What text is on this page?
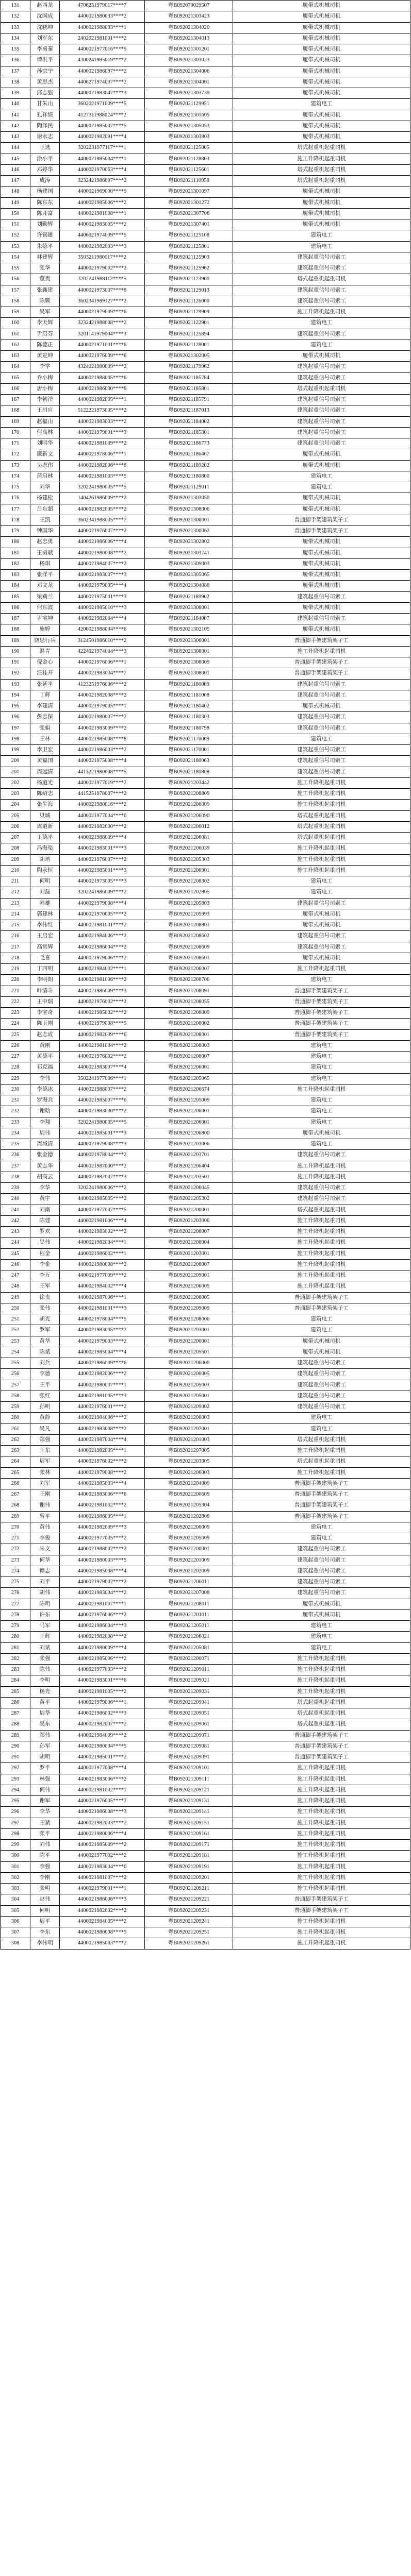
131	赵西龙	4706251979017****7	粤B092070029507	履带式机械司机
132	沈国成	4400021980033****2	粤B092021303423	履带式机械司机
133	沈鹏坤	4400021988093****1	粤B092021304020	履带式机械司机
134	刘军东	2402021981001****2	粤B092021304013	履带式机械司机
135	李勇秦	4400021977016****5	粤B092021301201	履带式机械司机
136	谭洪平	4300241985019****2	粤B092021303023	履带式机械司机
137	孙宗宁	4400021986097****2	粤B092021304006	履带式机械司机
138	黄思杰	4406271974007****2	粤B092021304001	履带式机械司机
139	邱志强	4400021983047****3	粤B092021303739	履带式机械司机
140	甘朱山	3602021971009****5	粤B092021129951	建筑电工
141	孔祥绩	4127311988024****2	粤B092021301605	履带式机械司机
142	陶泽民	4400021985007****5	粤B092021305053	履带式机械司机
143	谢水志	4400021982091****4	粤B092021303803	履带式机械司机
144	王选	3202231977117****1	粤B092021125005	塔式起重机起重司机
145	涂小平	4400021985004****1	粤B092021128803	施工升降机起重司机
146	邓婷华	4400021970063****4	粤B092021125601	塔式起重机起重司机
147	成涛	3232421986097****2	粤B092021110958	塔式起重机起重司机
148	杨建国	4400021969000****9	粤B092021301097	履带式机械司机
149	陈东东	4400021985006****2	粤B092021301272	履带式机械司机
150	陈开富	4400021981008****1	粤B092021307706	履带式机械司机
151	刘勤辉	4400021983005****2	粤B092021307401	履带式机械司机
152	许锡雄	4406021974009****5	粤B092021125108	建筑电工
153	朱德平	4400021982003****3	粤B092021125801	建筑电工
154	林建辉	3503211980017****2	粤B092021125903	建筑起重信号司索工
155	张华	4400021979002****2	粤B092021125962	建筑起重信号司索工
156	董贵	3202241988112****5	粤B092021123900	塔式起重机起重司机
157	张鑫建	4400021973007****8	粤B092021129013	建筑起重信号司索工
158	陈颗	3602341989127****2	粤B092021126000	建筑起重信号司索工
159	吴军	4400021979009****6	粤B092021129909	施工升降机起重司机
160	李天辉	3232421988008****2	粤B092021122901	建筑电工
161	尹启芬	3201141979004****3	粤B092021125894	建筑起重信号司索工
162	陈德正	4400021971001****6	粤B092021128001	建筑电工
163	黄定坤	4400021976009****6	粤B092021302005	履带式机械司机
164	李学	4324021980009****2	粤B092021179962	建筑起重信号司索工
165	乔小梅	4400021988005****6	粤B092021185784	建筑起重信号司索工
166	唐小梅	4400021986000****8	粤B092021185801	塔式起重机起重司机
167	李朝洋	4400021982005****1	粤B092021185791	建筑起重信号司索工
168	王川应	5122221973005****2	粤B092021187013	建筑起重信号司索工
169	赵福山	4400021983003****2	粤B092021184002	建筑起重信号司索工
170	何高林	4400021979001****3	粤B092021185301	建筑起重信号司索工
171	刘明华	4400021981009****2	粤B092021186773	建筑起重信号司索工
172	廉新文	4400021978006****1	粤B092021186467	履带式机械司机
173	吴志伟	4400021982006****6	粤B092021189202	履带式机械司机
174	蒲启林	4400021981003****5	粤B092021180800	建筑电工
175	刘华	3202241980005****5	粤B092021129011	建筑电工
176	杨建松	1404261986009****2	粤B092021303050	履带式机械司机
177	吕东超	4400021982005****2	粤B092021308006	履带式机械司机
178	王凯	3602341988005****7	粤B092021300001	普通脚手架建筑架子工
179	钟国华	4400021976007****2	粤B092021300062	普通脚手架建筑架子工
180	赵忠勇	4400021986006****4	粤B092021302802	履带式机械司机
181	王勇斌	4400021980008****2	粤B092021303741	履带式机械司机
182	杨琪	4400021984007****2	粤B092021309003	履带式机械司机
183	张洋平	4400021983007****3	粤B092021305065	履带式机械司机
184	邓文龙	4400021979005****4	粤B092021304088	履带式机械司机
185	梁莉兰	4400021975001****3	粤B092021189902	建筑起重信号司索工
186	何东波	4400021985010****3	粤B092021308001	履带式机械司机
187	尹宝坤	4400021982004****4	粤B092021184007	建筑起重信号司索工
188	施婷	4200021988004****6	粤B092021302105	履带式机械司机
189	饶思行兵	3124501986010****2	粤B092021306001	普通脚手架建筑架子工
190	温青	4224021974004****3	粤B092021308001	施工升降机起重司机
191	倪金心	4400021976006****1	粤B092021308009	普通脚手架建筑架子工
192	汪桂开	4400021983004****7	粤B092021308001	普通脚手架建筑架子工
193	张延平	4123251976006****2	粤B092021180009	建筑起重信号司索工
194	丁辉	4400021982008****2	粤B092021181008	建筑起重信号司索工
195	李建清	4400021979005****1	粤B092021180402	履带式机械司机
196	彭忠保	4400021980007****2	粤B092021180303	建筑起重信号司索工
197	张娟	4400021983009****2	粤B092021180798	建筑起重信号司索工
198	王林	4400021985008****8	粤B092021170009	建筑电工
199	李卫宏	4400021986003****2	粤B092021170001	建筑起重信号司索工
200	黄福国	4400021975008****4	粤B092021180063	建筑起重信号司索工
201	周远清	4413221980008****5	粤B092021180808	建筑起重信号司索工
202	杨道光	4400021977019****2	粤B092021203442	施工升降机起重司机
203	陈绍志	4415251978007****2	粤B092021208809	施工升降机起重司机
204	张生海	4400021980016****2	粤B092021200009	施工升降机起重司机
205	贝城	4400021977004****6	粤B092021206090	塔式起重机起重司机
206	周道新	4400021982000****2	粤B092021206012	塔式起重机起重司机
207	王德平	4400021988009****4	粤B092021206081	塔式起重机起重司机
208	冯海渠	4400021983001****3	粤B092021206039	施工升降机起重司机
209	胡培	4400021976007****2	粤B092021205303	施工升降机起重司机
210	陶永恒	4400021985001****3	粤B092021200901	施工升降机起重司机
211	何明	4400021973005****3	粤B092021208302	建筑电工
212	刘磊	3202241986009****2	粤B092021202805	建筑电工
213	韩雄	4400021979008****4	粤B092021205803	建筑起重信号司索工
214	郭建林	4400021970005****2	粤B092021205993	履带式机械司机
215	李伟红	4400021981001****2	粤B092021208801	履带式机械司机
216	王启宏	4400021984006****2	粤B092021208602	建筑起重信号司索工
217	高常辉	4400021986004****2	粤B092021208609	建筑起重信号司索工
218	毛喜	4400021979006****2	粤B092021208601	履带式机械司机
219	丁四明	4400021984002****1	粤B092021206007	施工升降机起重司机
220	李明朗	4400021981006****2	粤B092021208706	建筑电工
221	叶清斗	4400021986009****3	粤B092021208091	普通脚手架建筑架子工
222	王中瑞	4400021976002****2	粤B092021208055	普通脚手架建筑架子工
223	李宝奇	4400021985002****2	粤B092021208009	普通脚手架建筑架子工
224	陈玉刚	4400021979008****5	粤B092021208002	普通脚手架建筑架子工
225	赵志成	4400021982009****6	粤B092021208001	普通脚手架建筑架子工
226	黄刚	4400021981004****2	粤B092021208003	建筑电工
227	黄德平	4400021976002****2	粤B092021208007	建筑电工
228	祁克福	4400021983007****4	粤B092021206001	建筑电工
229	李伟	3502241977006****1	粤B092021205065	建筑电工
230	李德冰	4400021988007****2	粤B092021206674	施工升降机起重司机
231	罗海兵	4400021985007****6	粤B092021205009	建筑电工
232	谢晗	4400021983000****2	粤B092021206001	建筑电工
233	李翔	3202241980005****5	粤B092021206001	建筑电工
234	周伟	4400021985001****3	粤B092021206800	履带式机械司机
235	周城清	4400021979008****3	粤B092021203006	建筑电工
236	张金德	4400021978004****2	粤B092021203701	建筑起重信号司索工
237	黄志华	4400021987000****2	粤B092021206404	施工升降机起重司机
238	胡高云	4400021982007****3	粤B092021203501	施工升降机起重司机
239	李华	3202241980006****2	粤B092021206045	建筑起重信号司索工
240	黄宇	4400021985005****2	粤B092021205302	建筑起重信号司索工
241	刘南	4400021977007****5	粤B092021200001	塔式起重机起重司机
242	陈建	4400021981006****4	粤B092021203006	施工升降机起重司机
243	罗欢	4400021983002****2	粤B092021208007	施工升降机起重司机
244	吴伟	4400021982004****1	粤B092021208004	施工升降机起重司机
245	程金	4400021986002****1	粤B092021203001	施工升降机起重司机
246	李金	4400021980008****2	粤B092021206007	施工升降机起重司机
247	李万	4400021977009****2	粤B092021209001	施工升降机起重司机
248	王军	4400021984002****4	粤B092021206005	施工升降机起重司机
249	徐贵	4400021987006****1	粤B092021208005	普通脚手架建筑架子工
250	张伟	4400021981001****3	粤B092021209009	普通脚手架建筑架子工
251	胡光	4400021978004****5	粤B092021208006	建筑电工
252	罗军	4400021983005****2	粤B092021203001	建筑电工
253	黄华	4400021979003****2	粤B092021200001	履带式机械司机
254	陈斌	4400021985004****4	粤B092021205501	履带式机械司机
255	刘兵	4400021986009****6	粤B092021206000	建筑起重信号司索工
256	李德	4400021982006****2	粤B092021200005	建筑起重信号司索工
257	王平	4400021980007****1	粤B092021205003	建筑起重信号司索工
258	张红	4400021981005****3	粤B092021205001	建筑起重信号司索工
259	孙明	4400021976001****2	粤B092021209002	建筑起重信号司索工
260	黄静	4400021984006****2	粤B092021208003	建筑电工
261	吴凡	4400021983008****2	粤B092021207001	建筑电工
262	郑强	4400021987004****4	粤B092021201003	塔式起重机起重司机
263	王东	4400021982005****1	粤B092021207005	施工升降机起重司机
264	周军	4400021976002****2	粤B092021203005	塔式起重机起重司机
265	张林	4400021979008****2	粤B092021206003	施工升降机起重司机
266	刘军	4400021985003****4	粤B092021204009	普通脚手架建筑架子工
267	王刚	4400021983006****6	粤B092021200609	普通脚手架建筑架子工
268	谢伟	4400021981002****2	粤B092021205304	普通脚手架建筑架子工
269	曾平	4400021986005****1	粤B092021202806	普通脚手架建筑架子工
270	黄伟	4400021982009****3	粤B092021206009	建筑电工
271	李俊	4400021977005****2	粤B092021205009	建筑电工
272	朱文	4400021988002****2	粤B092021200001	建筑起重信号司索工
273	何华	4400021980003****5	粤B092021201009	建筑起重信号司索工
274	谭志	4400021985008****4	粤B092021202009	建筑起重信号司索工
275	刘平	4400021979002****2	粤B092021206011	建筑起重信号司索工
276	胡伟	4400021983004****2	粤B092021207008	建筑起重信号司索工
277	陈明	4400021981007****1	粤B092021208011	履带式机械司机
278	许东	4400021976006****2	粤B092021201011	履带式机械司机
279	马军	4400021986004****3	粤B092021205011	建筑电工
280	王辉	4400021982008****2	粤B092021206021	建筑电工
281	刘斌	4400021980009****4	粤B092021205081	建筑电工
282	张强	4400021985006****2	粤B092021200071	施工升降机起重司机
283	陈伟	4400021977003****2	粤B092021209011	施工升降机起重司机
284	李明	4400021983001****6	粤B092021209021	施工升降机起重司机
285	杨光	4400021981005****2	粤B092021209031	施工升降机起重司机
286	黄平	4400021979006****1	粤B092021209041	塔式起重机起重司机
287	周华	4400021986002****3	粤B092021209051	塔式起重机起重司机
288	吴东	4400021982007****2	粤B092021209061	塔式起重机起重司机
289	郑伟	4400021984009****2	粤B092021209071	普通脚手架建筑架子工
290	孙军	4400021980004****5	粤B092021209081	普通脚手架建筑架子工
291	胡明	4400021985001****2	粤B092021209091	普通脚手架建筑架子工
292	罗平	4400021977008****4	粤B092021209101	施工升降机起重司机
293	林强	4400021983006****2	粤B092021209111	施工升降机起重司机
294	何伟	4400021981002****1	粤B092021209121	施工升降机起重司机
295	谢军	4400021976005****2	粤B092021209131	施工升降机起重司机
296	李华	4400021986008****3	粤B092021209141	施工升降机起重司机
297	王斌	4400021982003****2	粤B092021209151	施工升降机起重司机
298	张平	4400021980006****4	粤B092021209161	施工升降机起重司机
299	刘伟	4400021985009****2	粤B092021209171	施工升降机起重司机
300	陈平	4400021977002****2	粤B092021209181	施工升降机起重司机
301	李强	4400021983004****6	粤B092021209191	施工升降机起重司机
302	李刚	4400021981007****2	粤B092021209201	施工升降机起重司机
303	张明	4400021979001****1	粤B092021209211	施工升降机起重司机
304	赵伟	4400021986006****3	粤B092021209221	普通脚手架建筑架子工
305	何明	4400021982002****2	粤B092021209231	普通脚手架建筑架子工
306	周平	4400021984005****2	粤B092021209241	施工升降机起重司机
307	李东	4400021980008****5	粤B092021209251	施工升降机起重司机
308	李伟明	4400021985003****2	粤B092021209261	施工升降机起重司机
